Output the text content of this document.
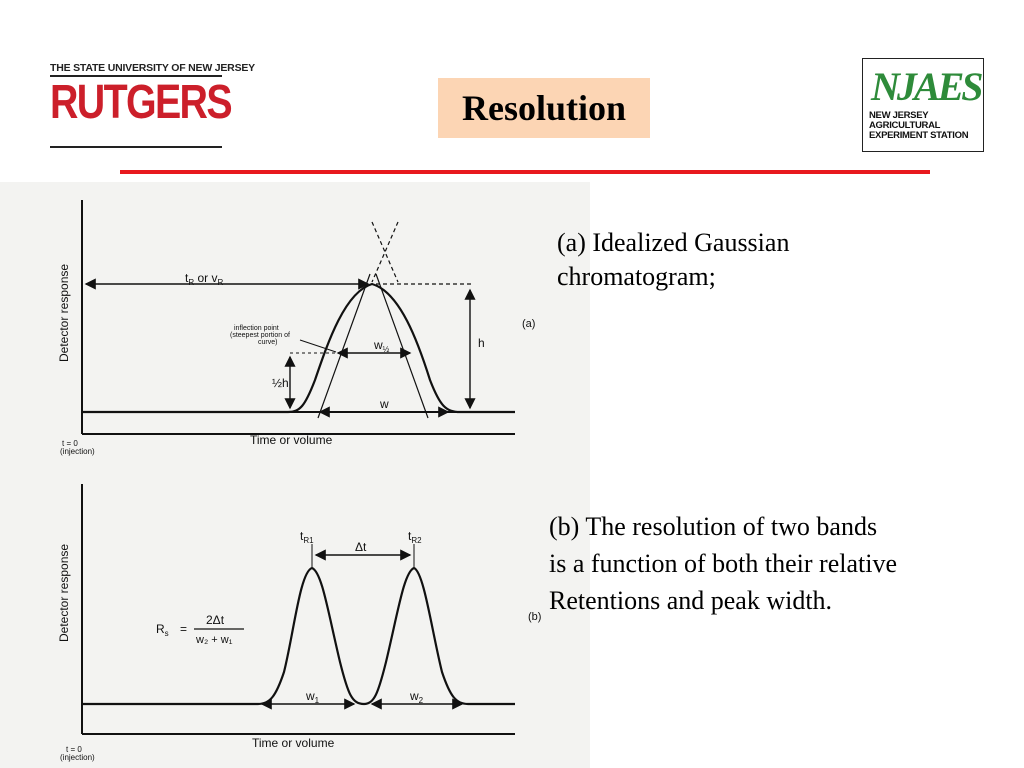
THE STATE UNIVERSITY OF NEW JERSEY
RUTGERS	Resolution	NJAES
NEW JERSEY
AGRICULTURAL
EXPERIMENT STATION
Detector response
Time or volume
(a)
t = 0
(injection)
$t_R$ or $v_R$
inflection point
(steepest portion of
curve)	$w_{\frac{1}{2}}$	h
½h
w
Detector response
Time or volume
(b)
t = 0
(injection)
$t_{R1}$	$t_{R2}$
Δt
$R_s$ =
2Δt
w₂ + w₁
$w_1$	$w_2$
(a) Idealized Gaussian
chromatogram;
(b) The resolution of two bands
is a function of both their relative
Retentions and peak width.
